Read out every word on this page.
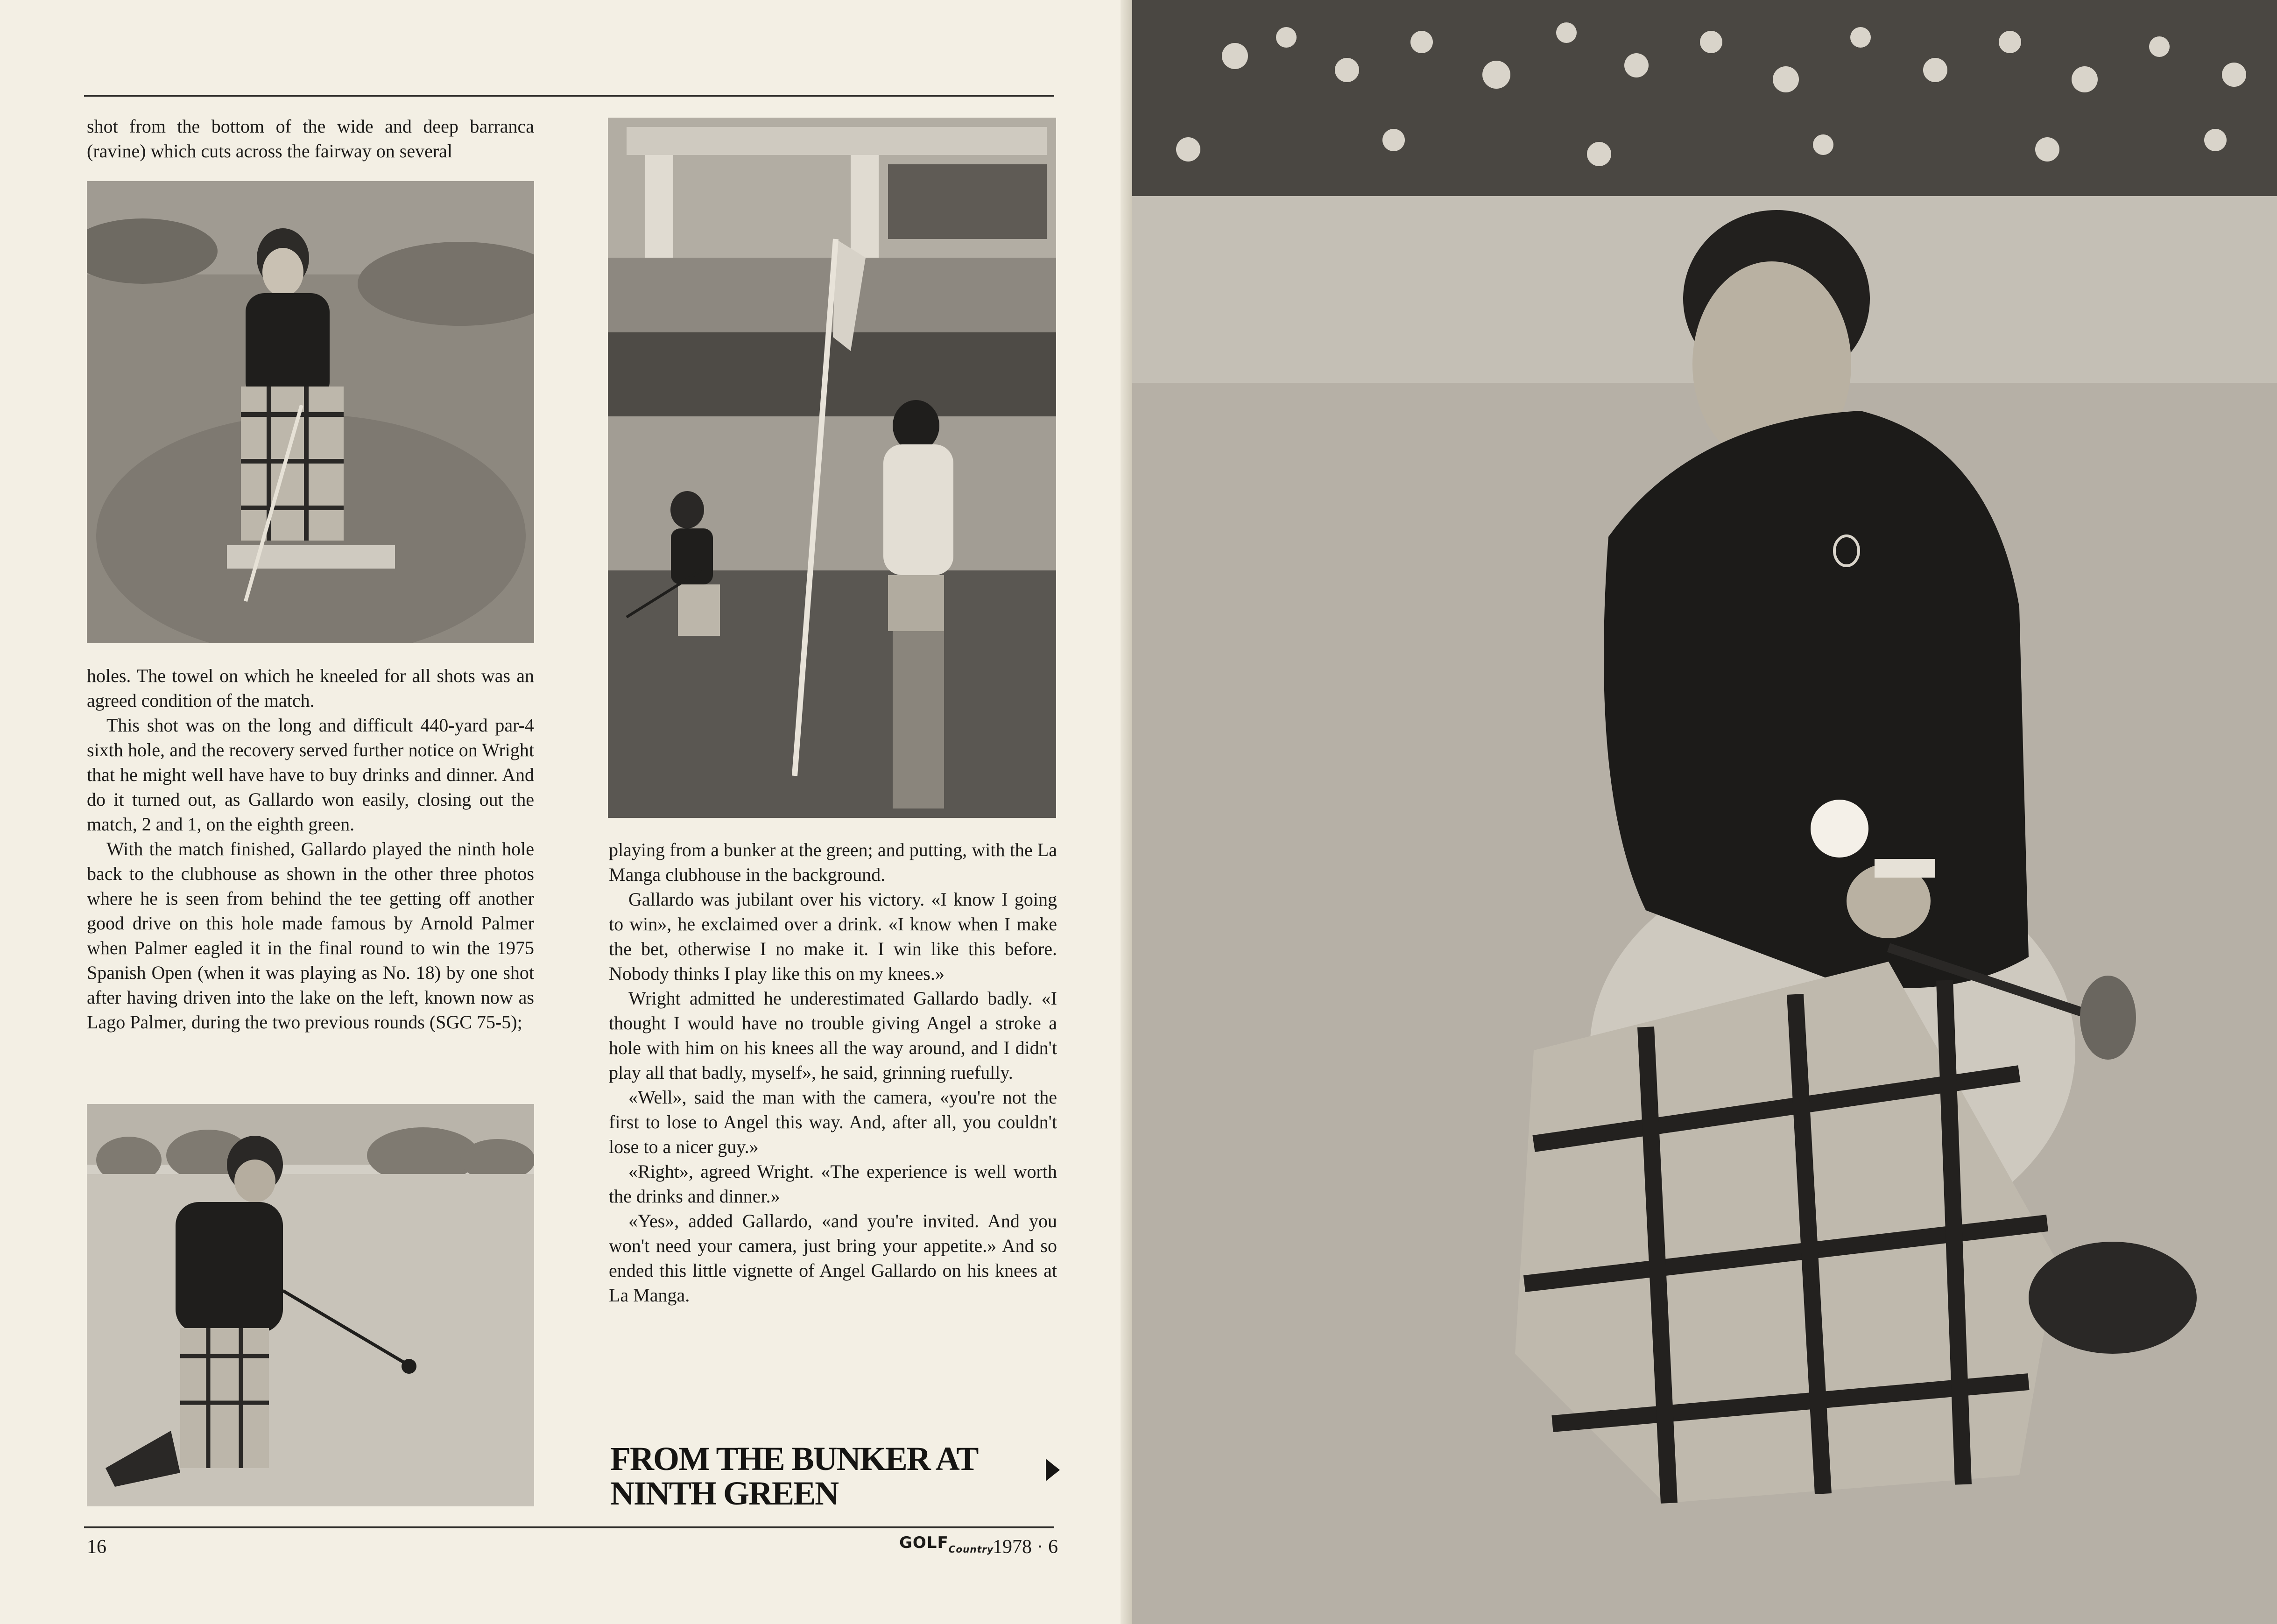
shot from the bottom of the wide and deep barranca (ravine) which cuts across the fairway on several

holes. The towel on which he kneeled for all shots was an agreed condition of the match.

This shot was on the long and difficult 440-yard par-4 sixth hole, and the recovery served further notice on Wright that he might well have have to buy drinks and dinner. And do it turned out, as Gallardo won easily, closing out the match, 2 and 1, on the eighth green.

With the match finished, Gallardo played the ninth hole back to the clubhouse as shown in the other three photos where he is seen from behind the tee getting off another good drive on this hole made famous by Arnold Palmer when Palmer eagled it in the final round to win the 1975 Spanish Open (when it was playing as No. 18) by one shot after having driven into the lake on the left, known now as Lago Palmer, during the two previous rounds (SGC 75-5);

playing from a bunker at the green; and putting, with the La Manga clubhouse in the background.

Gallardo was jubilant over his victory. «I know I going to win», he exclaimed over a drink. «I know when I make the bet, otherwise I no make it. I win like this before. Nobody thinks I play like this on my knees.»

Wright admitted he underestimated Gallardo badly. «I thought I would have no trouble giving Angel a stroke a hole with him on his knees all the way around, and I didn't play all that badly, myself», he said, grinning ruefully.

«Well», said the man with the camera, «you're not the first to lose to Angel this way. And, after all, you couldn't lose to a nicer guy.»

«Right», agreed Wright. «The experience is well worth the drinks and dinner.»

«Yes», added Gallardo, «and you're invited. And you won't need your camera, just bring your appetite.» And so ended this little vignette of Angel Gallardo on his knees at La Manga.

FROM THE BUNKER AT
NINTH GREEN
16	$GOLF_{Country}$
1978 · 6
